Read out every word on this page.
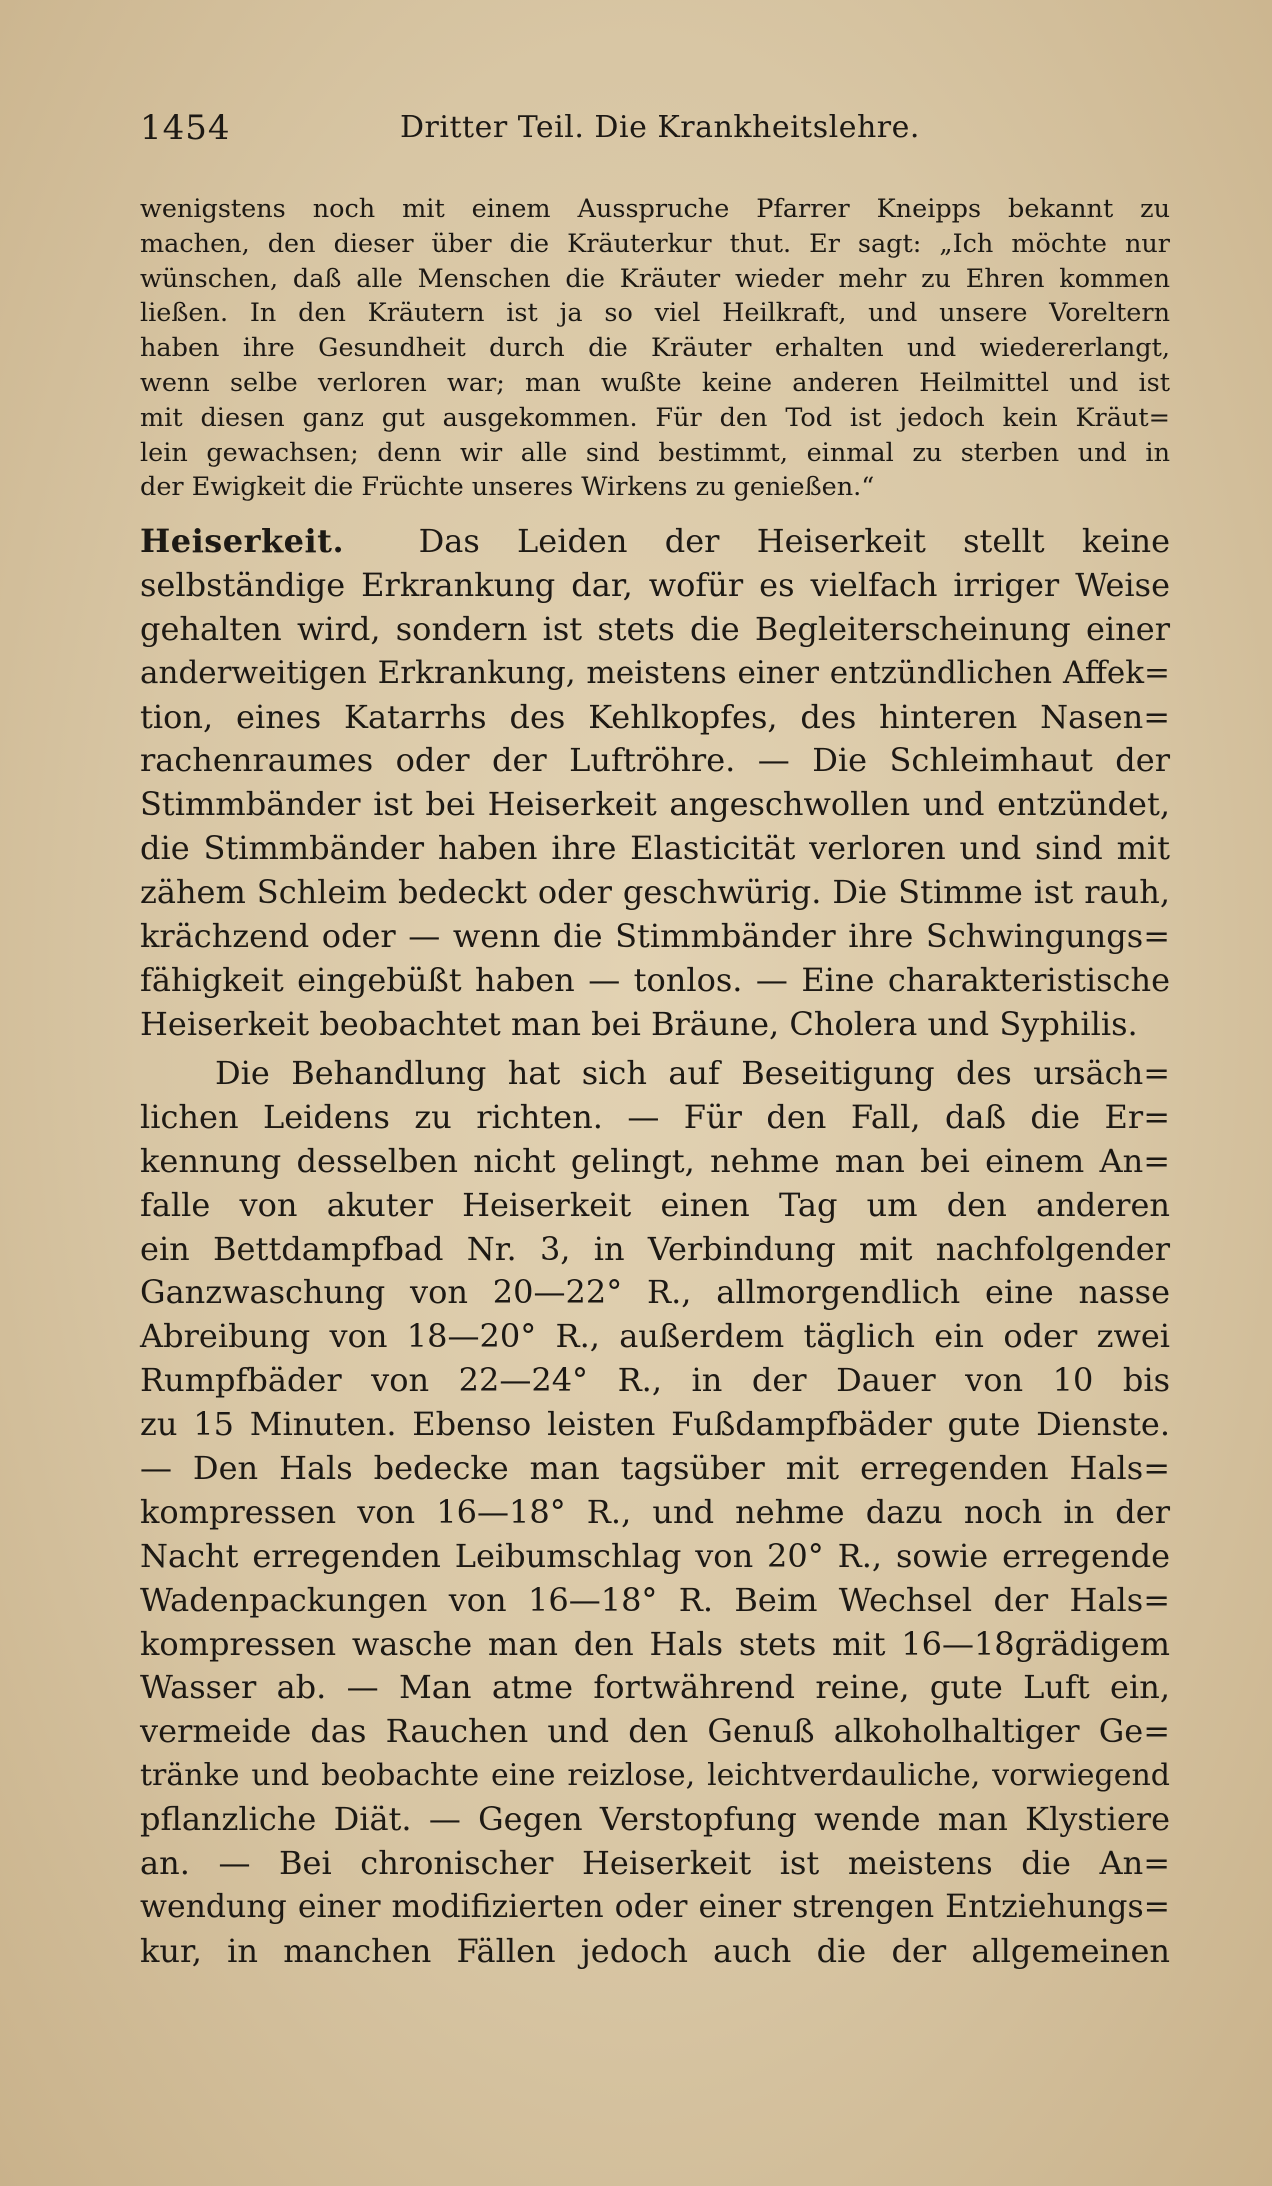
1454	Dritter Teil. Die Krankheitslehre.
wenigstens noch mit einem Ausspruche Pfarrer Kneipps bekannt zu
machen, den dieser über die Kräuterkur thut. Er sagt: „Ich möchte nur
wünschen, daß alle Menschen die Kräuter wieder mehr zu Ehren kommen
ließen. In den Kräutern ist ja so viel Heilkraft, und unsere Voreltern
haben ihre Gesundheit durch die Kräuter erhalten und wiedererlangt,
wenn selbe verloren war; man wußte keine anderen Heilmittel und ist
mit diesen ganz gut ausgekommen. Für den Tod ist jedoch kein Kräut=
lein gewachsen; denn wir alle sind bestimmt, einmal zu sterben und in
der Ewigkeit die Früchte unseres Wirkens zu genießen.“
Heiserkeit. Das Leiden der Heiserkeit stellt keine
selbständige Erkrankung dar, wofür es vielfach irriger Weise
gehalten wird, sondern ist stets die Begleiterscheinung einer
anderweitigen Erkrankung, meistens einer entzündlichen Affek=
tion, eines Katarrhs des Kehlkopfes, des hinteren Nasen=
rachenraumes oder der Luftröhre. — Die Schleimhaut der
Stimmbänder ist bei Heiserkeit angeschwollen und entzündet,
die Stimmbänder haben ihre Elasticität verloren und sind mit
zähem Schleim bedeckt oder geschwürig. Die Stimme ist rauh,
krächzend oder — wenn die Stimmbänder ihre Schwingungs=
fähigkeit eingebüßt haben — tonlos. — Eine charakteristische
Heiserkeit beobachtet man bei Bräune, Cholera und Syphilis.
Die Behandlung hat sich auf Beseitigung des ursäch=
lichen Leidens zu richten. — Für den Fall, daß die Er=
kennung desselben nicht gelingt, nehme man bei einem An=
falle von akuter Heiserkeit einen Tag um den anderen
ein Bettdampfbad Nr. 3, in Verbindung mit nachfolgender
Ganzwaschung von 20—22° R., allmorgendlich eine nasse
Abreibung von 18—20° R., außerdem täglich ein oder zwei
Rumpfbäder von 22—24° R., in der Dauer von 10 bis
zu 15 Minuten. Ebenso leisten Fußdampfbäder gute Dienste.
— Den Hals bedecke man tagsüber mit erregenden Hals=
kompressen von 16—18° R., und nehme dazu noch in der
Nacht erregenden Leibumschlag von 20° R., sowie erregende
Wadenpackungen von 16—18° R. Beim Wechsel der Hals=
kompressen wasche man den Hals stets mit 16—18grädigem
Wasser ab. — Man atme fortwährend reine, gute Luft ein,
vermeide das Rauchen und den Genuß alkoholhaltiger Ge=
tränke und beobachte eine reizlose, leichtverdauliche, vorwiegend
pflanzliche Diät. — Gegen Verstopfung wende man Klystiere
an. — Bei chronischer Heiserkeit ist meistens die An=
wendung einer modifizierten oder einer strengen Entziehungs=
kur, in manchen Fällen jedoch auch die der allgemeinen
